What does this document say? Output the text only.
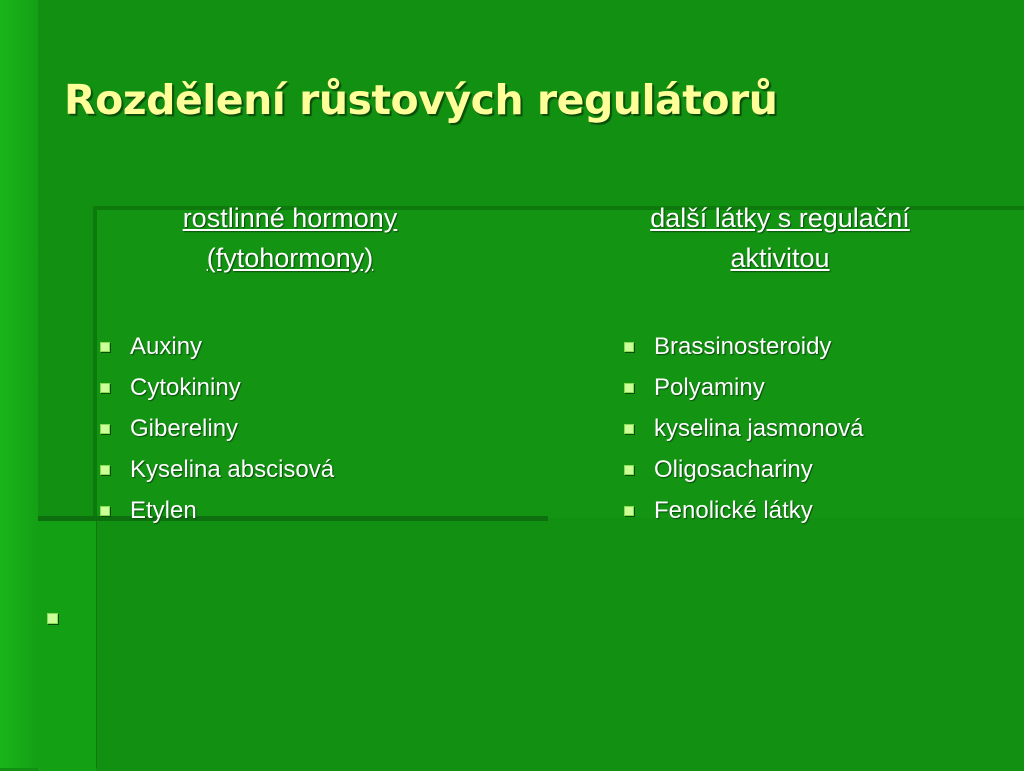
Rozdělení růstových regulátorů
rostlinné hormony
(fytohormony)
další látky s regulační
aktivitou
Auxiny
Cytokininy
Gibereliny
Kyselina abscisová
Etylen
Brassinosteroidy
Polyaminy
kyselina jasmonová
Oligosachariny
Fenolické látky
